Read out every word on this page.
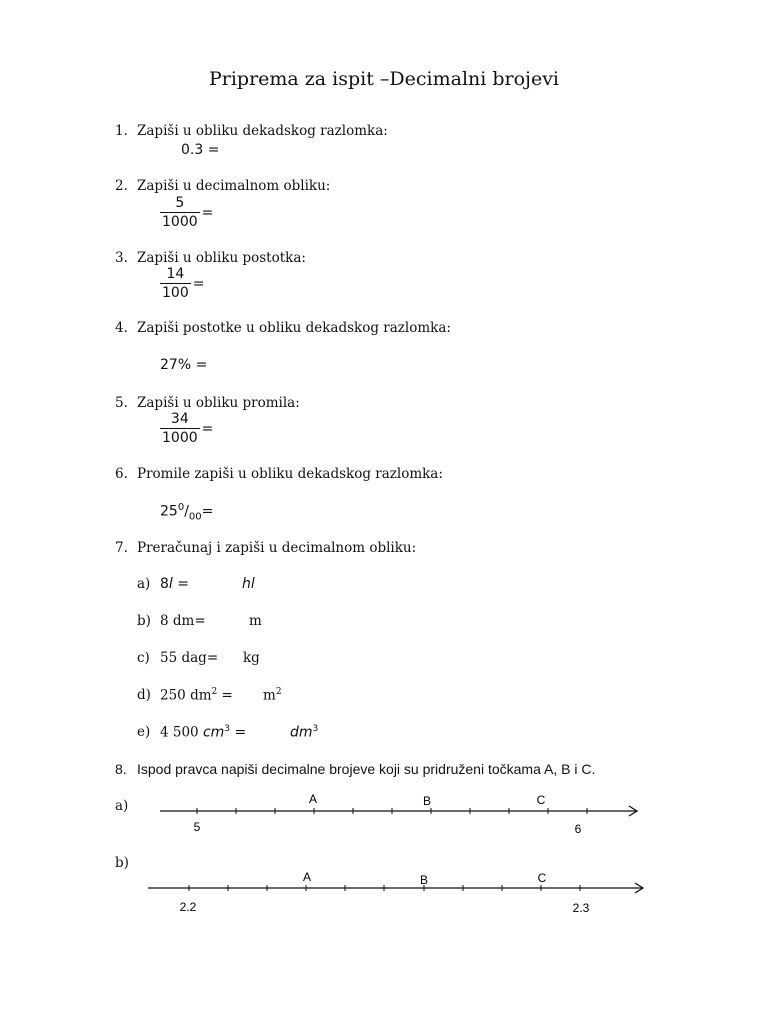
Priprema za ispit –Decimalni brojevi
1. Zapiši u obliku dekadskog razlomka:
0.3 =
2. Zapiši u decimalnom obliku:
$\frac{5}{1000}$ =
3. Zapiši u obliku postotka:
$\frac{14}{100}$ =
4. Zapiši postotke u obliku dekadskog razlomka:
27% =
5. Zapiši u obliku promila:
$\frac{34}{1000}$ =
6. Promile zapiši u obliku dekadskog razlomka:
$25^0/_{00}=$
7. Preračunaj i zapiši u decimalnom obliku:
a) 8l =	hl
b) 8 dm=	m
c) 55 dag= kg
d) 250 $dm^2 = m^2$
e) 4 500 $cm^3$ =	$dm^3$
8. Ispod pravca napiši decimalne brojeve koji su pridruženi točkama A, B i C.
a)	A	B	C
5	6
b)
A	B	C
2.2	2.3
